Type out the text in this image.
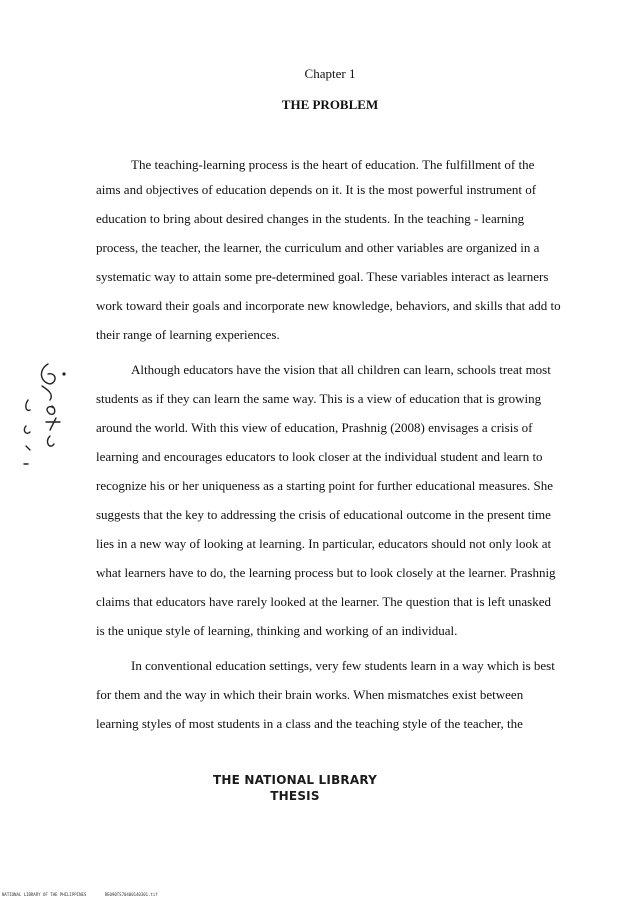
Chapter 1
THE PROBLEM
The teaching-learning process is the heart of education. The fulfillment of the
aims and objectives of education depends on it. It is the most powerful instrument of
education to bring about desired changes in the students. In the teaching - learning
process, the teacher, the learner, the curriculum and other variables are organized in a
systematic way to attain some pre-determined goal. These variables interact as learners
work toward their goals and incorporate new knowledge, behaviors, and skills that add to
their range of learning experiences.
Although educators have the vision that all children can learn, schools treat most
students as if they can learn the same way. This is a view of education that is growing
around the world. With this view of education, Prashnig (2008) envisages a crisis of
learning and encourages educators to look closer at the individual student and learn to
recognize his or her uniqueness as a starting point for further educational measures. She
suggests that the key to addressing the crisis of educational outcome in the present time
lies in a new way of looking at learning. In particular, educators should not only look at
what learners have to do, the learning process but to look closely at the learner. Prashnig
claims that educators have rarely looked at the learner. The question that is left unasked
is the unique style of learning, thinking and working of an individual.
In conventional education settings, very few students learn in a way which is best
for them and the way in which their brain works. When mismatches exist between
learning styles of most students in a class and the teaching style of the teacher, the
THE NATIONAL LIBRARY
THESIS
NATIONAL LIBRARY OF THE PHILIPPINES	RE090TS70400140301.tif
